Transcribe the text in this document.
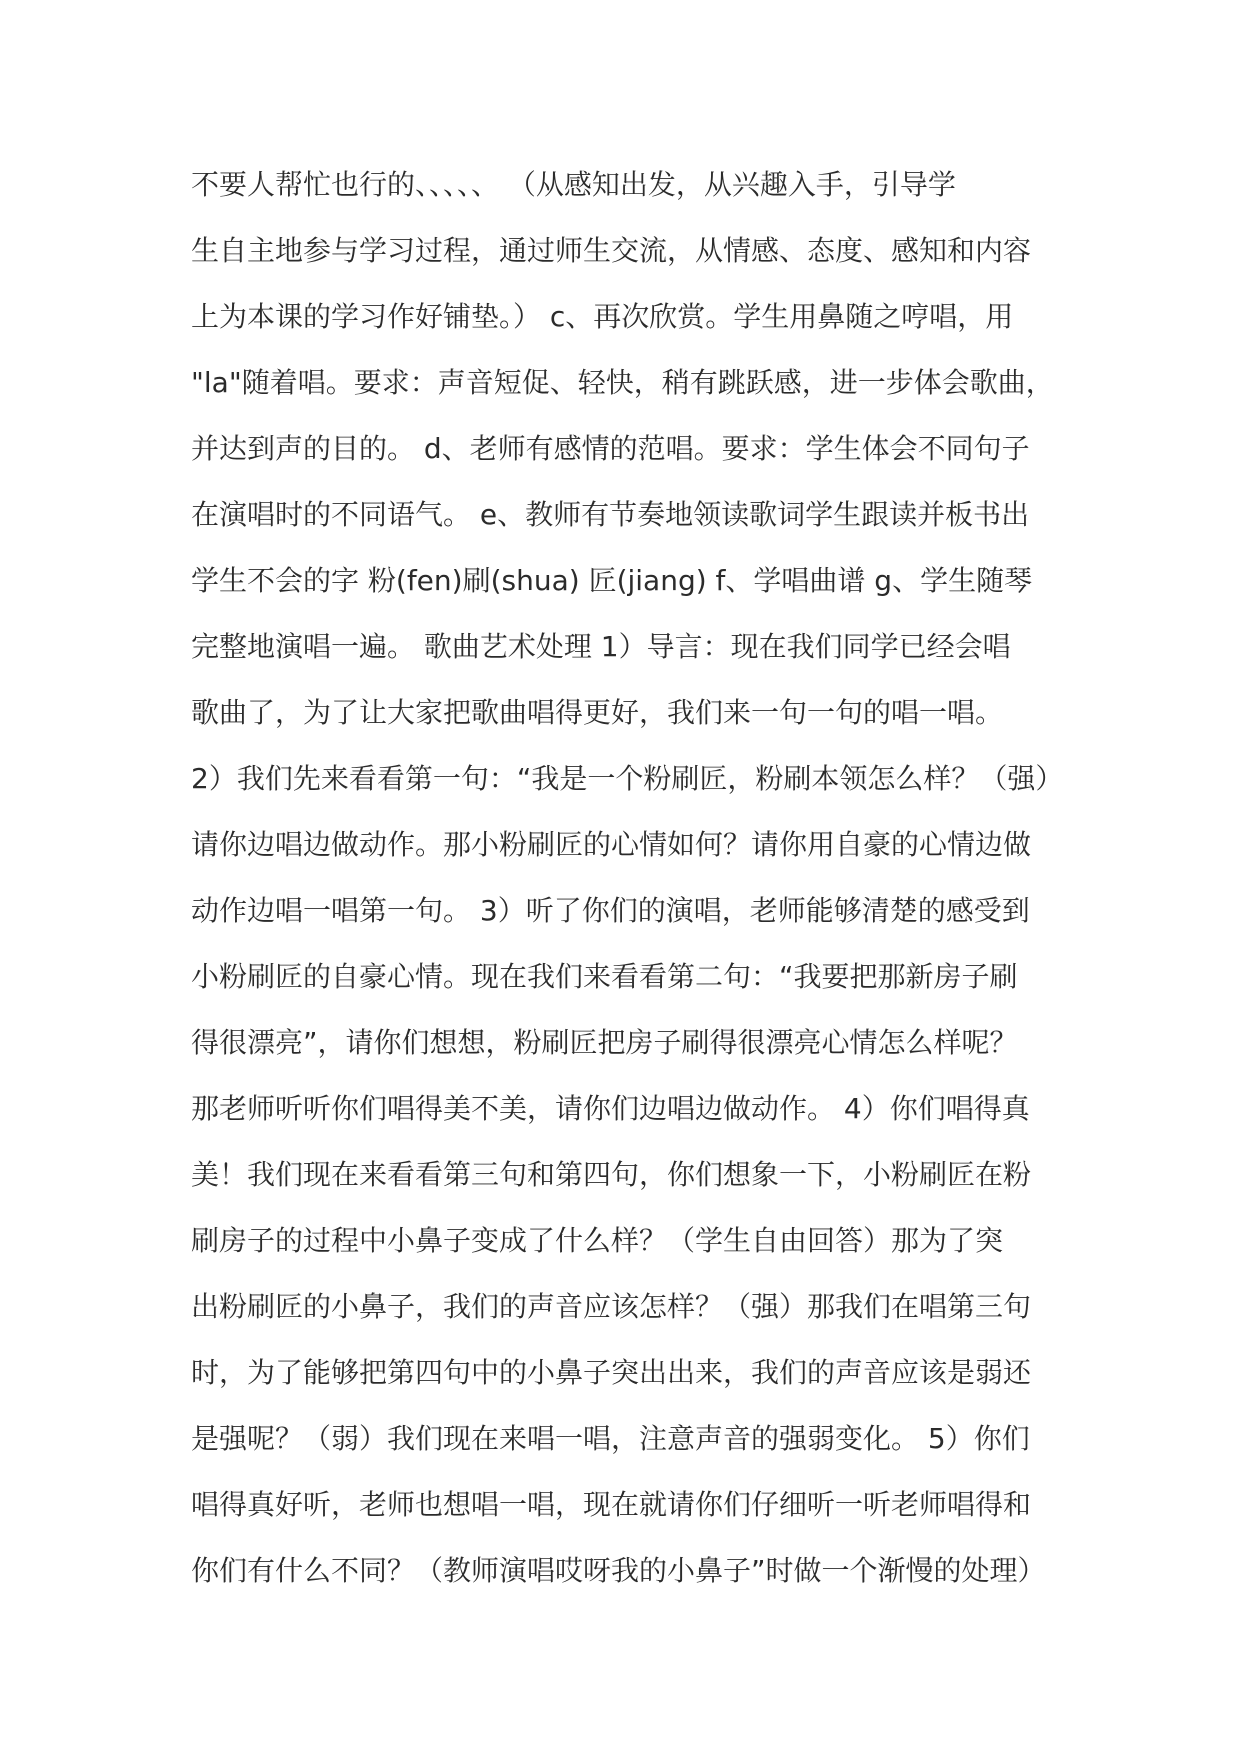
不要人帮忙也行的、、、、、 （从感知出发，从兴趣入手，引导学
生自主地参与学习过程，通过师生交流，从情感、态度、感知和内容
上为本课的学习作好铺垫。） c、再次欣赏。学生用鼻随之哼唱，用
"la"随着唱。要求：声音短促、轻快，稍有跳跃感，进一步体会歌曲，
并达到声的目的。 d、老师有感情的范唱。要求：学生体会不同句子
在演唱时的不同语气。 e、教师有节奏地领读歌词学生跟读并板书出
学生不会的字 粉(fen)刷(shua) 匠(jiang) f、学唱曲谱 g、学生随琴
完整地演唱一遍。 歌曲艺术处理 1）导言：现在我们同学已经会唱
歌曲了，为了让大家把歌曲唱得更好，我们来一句一句的唱一唱。
2）我们先来看看第一句：“我是一个粉刷匠，粉刷本领怎么样？（强）
请你边唱边做动作。那小粉刷匠的心情如何？请你用自豪的心情边做
动作边唱一唱第一句。 3）听了你们的演唱，老师能够清楚的感受到
小粉刷匠的自豪心情。现在我们来看看第二句：“我要把那新房子刷
得很漂亮”，请你们想想，粉刷匠把房子刷得很漂亮心情怎么样呢？
那老师听听你们唱得美不美，请你们边唱边做动作。 4）你们唱得真
美！我们现在来看看第三句和第四句，你们想象一下，小粉刷匠在粉
刷房子的过程中小鼻子变成了什么样？（学生自由回答）那为了突
出粉刷匠的小鼻子，我们的声音应该怎样？（强）那我们在唱第三句
时，为了能够把第四句中的小鼻子突出出来，我们的声音应该是弱还
是强呢？（弱）我们现在来唱一唱，注意声音的强弱变化。 5）你们
唱得真好听，老师也想唱一唱，现在就请你们仔细听一听老师唱得和
你们有什么不同？（教师演唱哎呀我的小鼻子”时做一个渐慢的处理）
